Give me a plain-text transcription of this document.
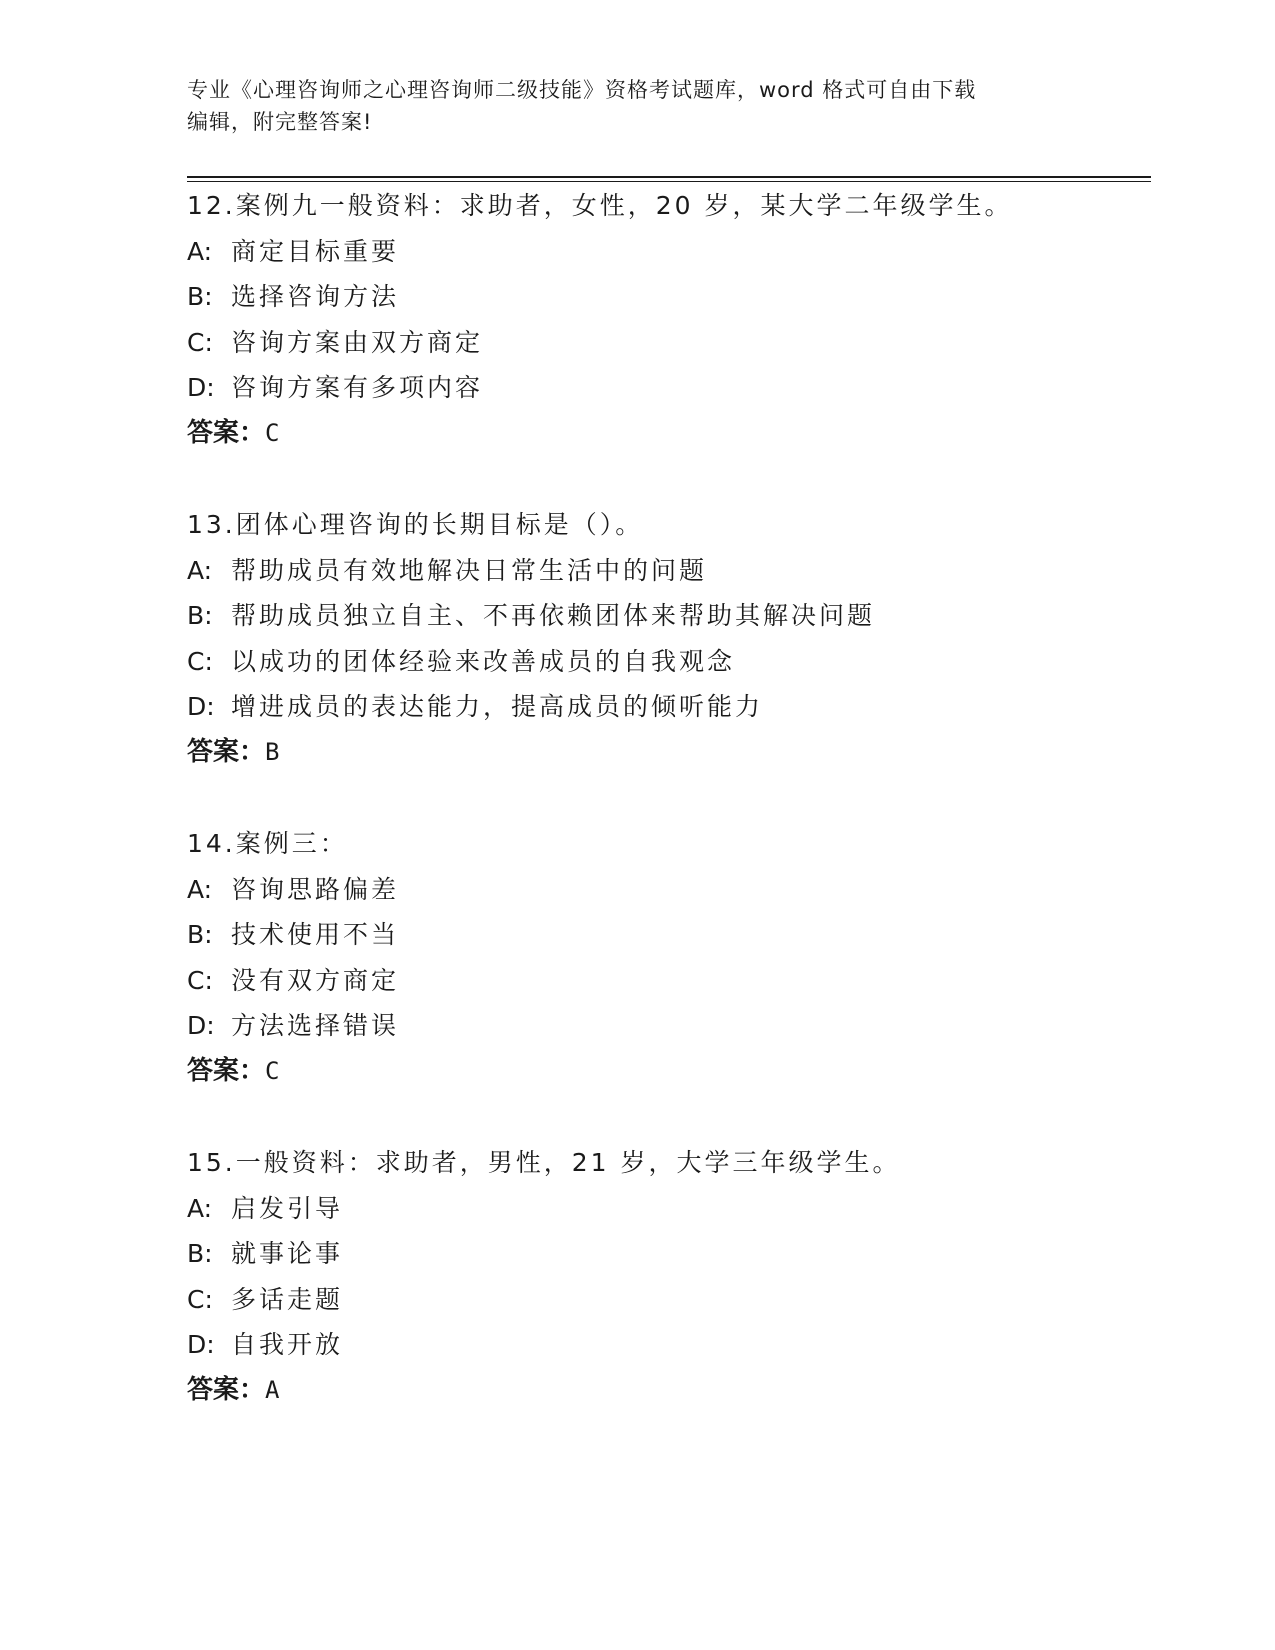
专业《心理咨询师之心理咨询师二级技能》资格考试题库，word 格式可自由下载
编辑，附完整答案!
12.案例九一般资料：求助者，女性，20 岁，某大学二年级学生。
A: 商定目标重要
B: 选择咨询方法
C: 咨询方案由双方商定
D: 咨询方案有多项内容
答案：C
13.团体心理咨询的长期目标是（）。
A: 帮助成员有效地解决日常生活中的问题
B: 帮助成员独立自主、不再依赖团体来帮助其解决问题
C: 以成功的团体经验来改善成员的自我观念
D: 增进成员的表达能力，提高成员的倾听能力
答案：B
14.案例三：
A: 咨询思路偏差
B: 技术使用不当
C: 没有双方商定
D: 方法选择错误
答案：C
15.一般资料：求助者，男性，21 岁，大学三年级学生。
A: 启发引导
B: 就事论事
C: 多话走题
D: 自我开放
答案：A
